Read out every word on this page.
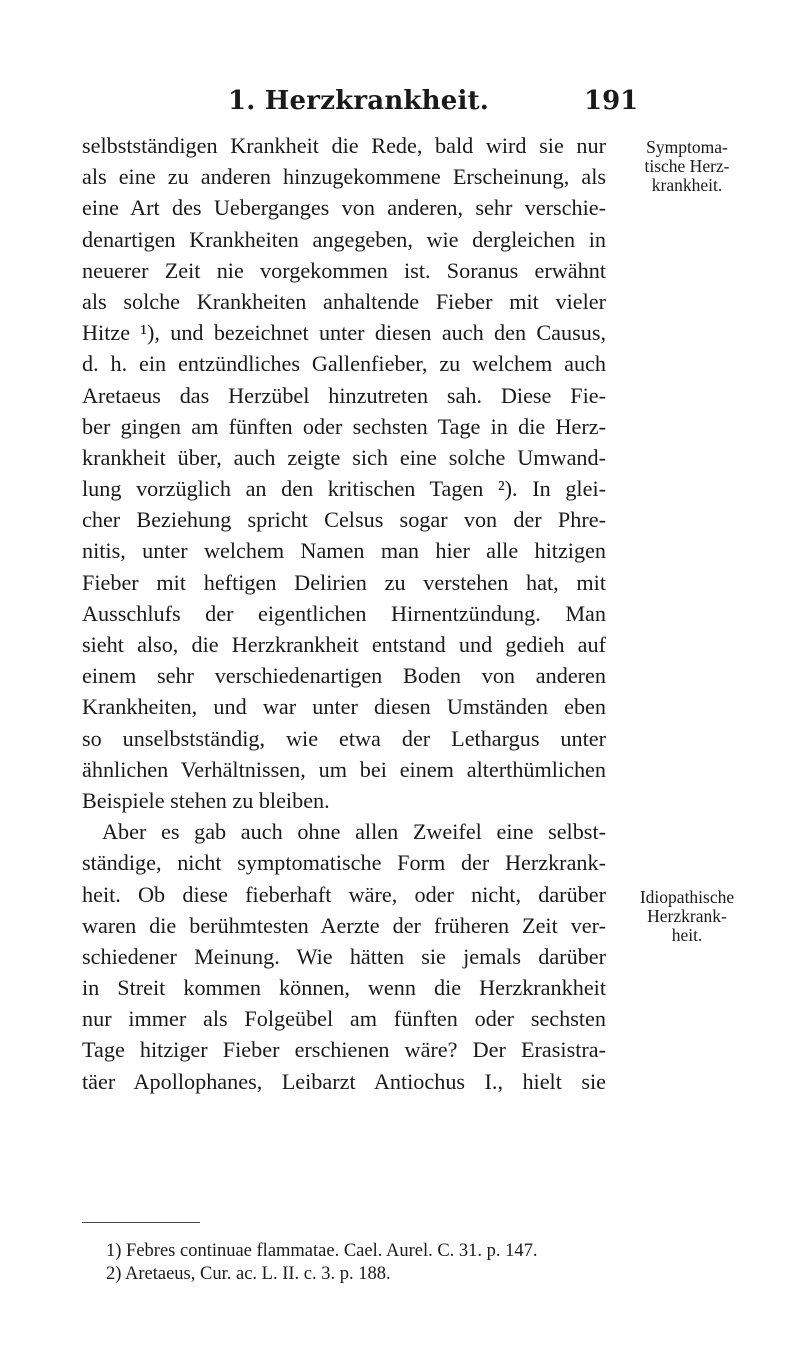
1. Herzkrankheit.	191
selbstständigen Krankheit die Rede, bald wird sie nur
als eine zu anderen hinzugekommene Erscheinung, als
eine Art des Ueberganges von anderen, sehr verschie-
denartigen Krankheiten angegeben, wie dergleichen in
neuerer Zeit nie vorgekommen ist. Soranus erwähnt
als solche Krankheiten anhaltende Fieber mit vieler
Hitze ¹), und bezeichnet unter diesen auch den Causus,
d. h. ein entzündliches Gallenfieber, zu welchem auch
Aretaeus das Herzübel hinzutreten sah. Diese Fie-
ber gingen am fünften oder sechsten Tage in die Herz-
krankheit über, auch zeigte sich eine solche Umwand-
lung vorzüglich an den kritischen Tagen ²). In glei-
cher Beziehung spricht Celsus sogar von der Phre-
nitis, unter welchem Namen man hier alle hitzigen
Fieber mit heftigen Delirien zu verstehen hat, mit
Ausschlufs der eigentlichen Hirnentzündung. Man
sieht also, die Herzkrankheit entstand und gedieh auf
einem sehr verschiedenartigen Boden von anderen
Krankheiten, und war unter diesen Umständen eben
so unselbstständig, wie etwa der Lethargus unter
ähnlichen Verhältnissen, um bei einem alterthümlichen
Beispiele stehen zu bleiben.
Aber es gab auch ohne allen Zweifel eine selbst-
ständige, nicht symptomatische Form der Herzkrank-
heit. Ob diese fieberhaft wäre, oder nicht, darüber
waren die berühmtesten Aerzte der früheren Zeit ver-
schiedener Meinung. Wie hätten sie jemals darüber
in Streit kommen können, wenn die Herzkrankheit
nur immer als Folgeübel am fünften oder sechsten
Tage hitziger Fieber erschienen wäre? Der Erasistra-
täer Apollophanes, Leibarzt Antiochus I., hielt sie
Symptoma-
tische Herz-
krankheit.
Idiopathische
Herzkrank-
heit.
1) Febres continuae flammatae. Cael. Aurel. C. 31. p. 147.
2) Aretaeus, Cur. ac. L. II. c. 3. p. 188.
